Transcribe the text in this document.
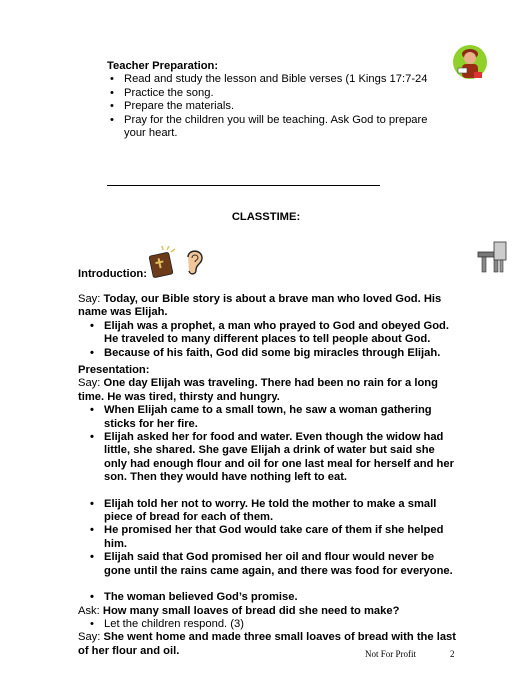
Teacher Preparation:
• Read and study the lesson and Bible verses (1 Kings 17:7-24
• Practice the song.
• Prepare the materials.
• Pray for the children you will be teaching. Ask God to prepare your heart.
CLASSTIME:
Introduction:
Say: Today, our Bible story is about a brave man who loved God. His name was Elijah.
• Elijah was a prophet, a man who prayed to God and obeyed God. He traveled to many different places to tell people about God.
• Because of his faith, God did some big miracles through Elijah.
Presentation:
Say: One day Elijah was traveling. There had been no rain for a long time. He was tired, thirsty and hungry.
• When Elijah came to a small town, he saw a woman gathering sticks for her fire.
• Elijah asked her for food and water. Even though the widow had little, she shared. She gave Elijah a drink of water but said she only had enough flour and oil for one last meal for herself and her son. Then they would have nothing left to eat.
• Elijah told her not to worry. He told the mother to make a small piece of bread for each of them.
• He promised her that God would take care of them if she helped him.
• Elijah said that God promised her oil and flour would never be gone until the rains came again, and there was food for everyone.
• The woman believed God’s promise.
Ask: How many small loaves of bread did she need to make?
• Let the children respond. (3)
Say: She went home and made three small loaves of bread with the last of her flour and oil.	Not For Profit	2
